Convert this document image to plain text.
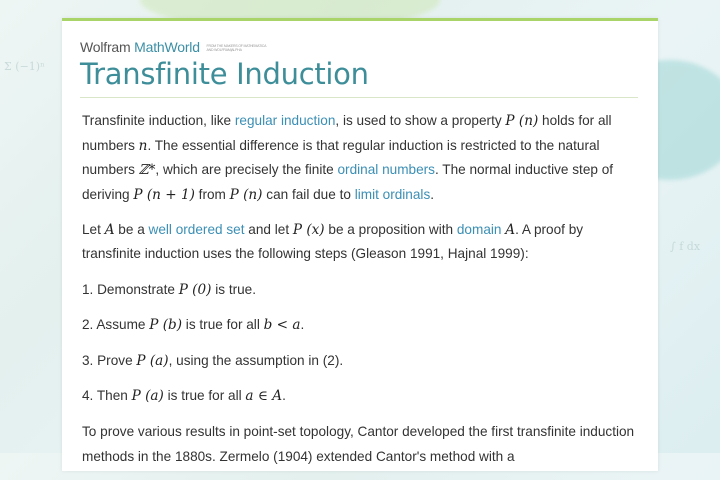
Σ (−1)ⁿ
∫ f dx
Wolfram MathWorld FROM THE MAKERS OF MATHEMATICA AND WOLFRAM|ALPHA
Transfinite Induction

Transfinite induction, like regular induction, is used to show a property P (n) holds for all numbers n. The essential difference is that regular induction is restricted to the natural numbers ℤ*, which are precisely the finite ordinal numbers. The normal inductive step of deriving P (n + 1) from P (n) can fail due to limit ordinals.

Let A be a well ordered set and let P (x) be a proposition with domain A. A proof by transfinite induction uses the following steps (Gleason 1991, Hajnal 1999):

1. Demonstrate P (0) is true.

2. Assume P (b) is true for all b < a.

3. Prove P (a), using the assumption in (2).

4. Then P (a) is true for all a ∈ A.

To prove various results in point-set topology, Cantor developed the first transfinite induction methods in the 1880s. Zermelo (1904) extended Cantor's method with a
